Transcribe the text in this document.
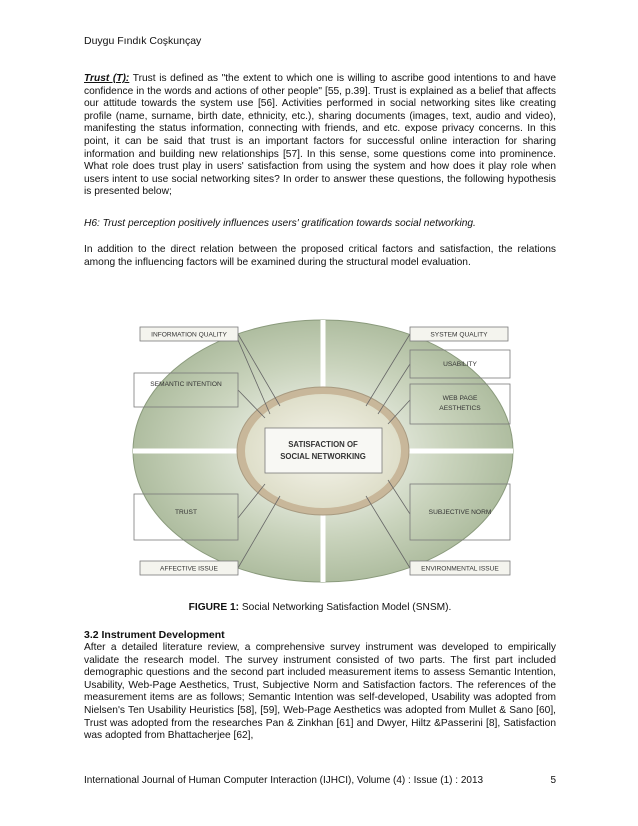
Duygu Fındık Coşkunçay
Trust (T): Trust is defined as "the extent to which one is willing to ascribe good intentions to and have confidence in the words and actions of other people" [55, p.39]. Trust is explained as a belief that affects our attitude towards the system use [56]. Activities performed in social networking sites like creating profile (name, surname, birth date, ethnicity, etc.), sharing documents (images, text, audio and video), manifesting the status information, connecting with friends, and etc. expose privacy concerns. In this point, it can be said that trust is an important factors for successful online interaction for sharing information and building new relationships [57]. In this sense, some questions come into prominence. What role does trust play in users' satisfaction from using the system and how does it play role when users intent to use social networking sites? In order to answer these questions, the following hypothesis is presented below;
H6: Trust perception positively influences users' gratification towards social networking.
In addition to the direct relation between the proposed critical factors and satisfaction, the relations among the influencing factors will be examined during the structural model evaluation.
INFORMATION QUALITY
SEMANTIC INTENTION
TRUST
AFFECTIVE ISSUE
SYSTEM QUALITY
USABILITY
WEB PAGE
AESTHETICS
SUBJECTIVE NORM
ENVIRONMENTAL ISSUE
SATISFACTION OF
SOCIAL NETWORKING
FIGURE 1: Social Networking Satisfaction Model (SNSM).
3.2 Instrument Development
After a detailed literature review, a comprehensive survey instrument was developed to empirically validate the research model. The survey instrument consisted of two parts. The first part included demographic questions and the second part included measurement items to assess Semantic Intention, Usability, Web-Page Aesthetics, Trust, Subjective Norm and Satisfaction factors. The references of the measurement items are as follows; Semantic Intention was self-developed, Usability was adopted from Nielsen's Ten Usability Heuristics [58], [59], Web-Page Aesthetics was adopted from Mullet & Sano [60], Trust was adopted from the researches Pan & Zinkhan [61] and Dwyer, Hiltz &Passerini [8], Satisfaction was adopted from Bhattacherjee [62],
International Journal of Human Computer Interaction (IJHCI), Volume (4) : Issue (1) : 2013	5
